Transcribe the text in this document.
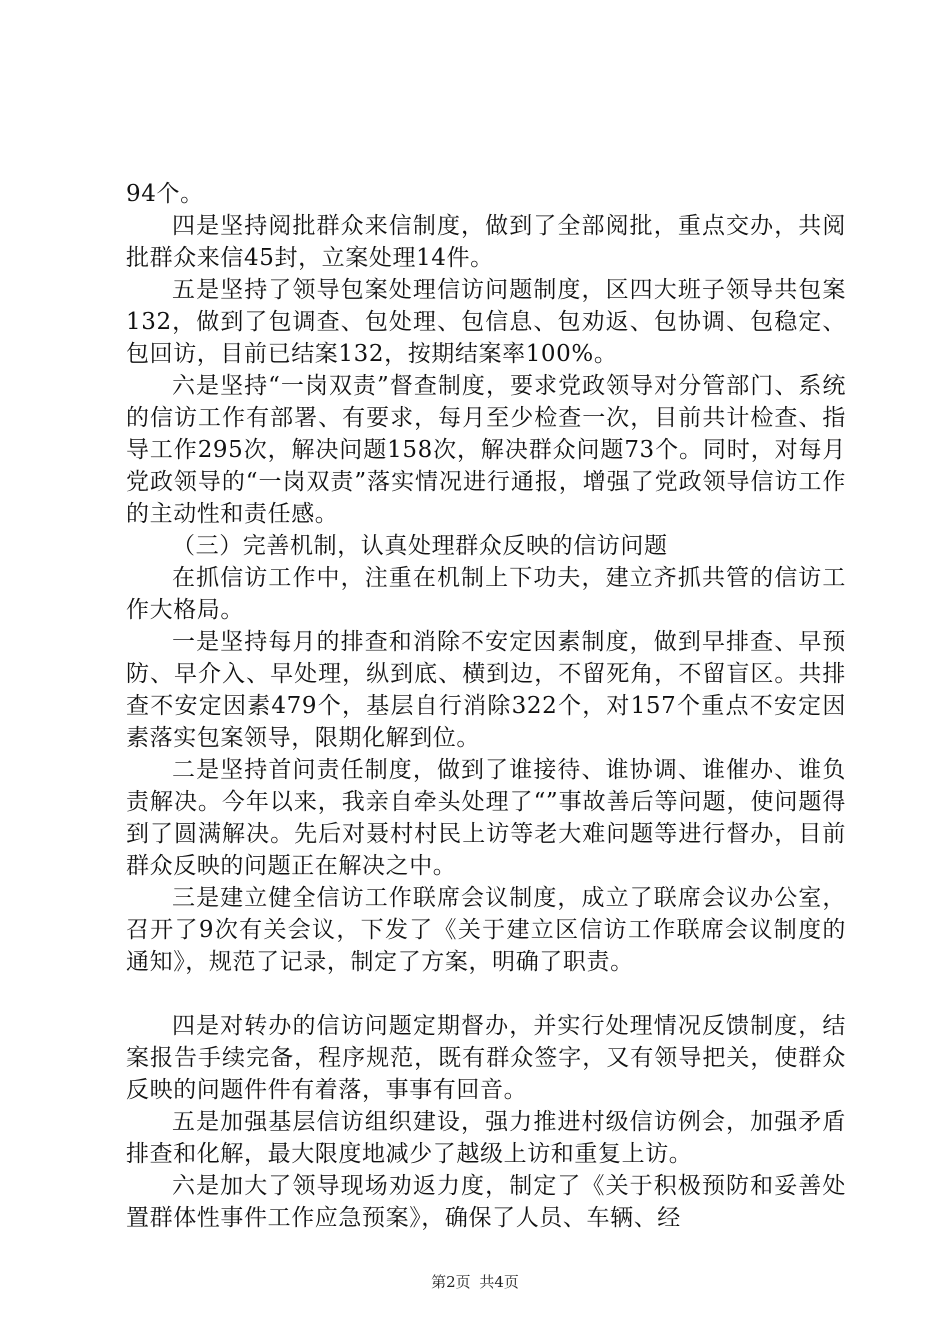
94个。

四是坚持阅批群众来信制度，做到了全部阅批，重点交办，共阅批群众来信45封，立案处理14件。

五是坚持了领导包案处理信访问题制度，区四大班子领导共包案132，做到了包调查、包处理、包信息、包劝返、包协调、包稳定、包回访，目前已结案132，按期结案率100%。

六是坚持“一岗双责”督查制度，要求党政领导对分管部门、系统的信访工作有部署、有要求，每月至少检查一次，目前共计检查、指导工作295次，解决问题158次，解决群众问题73个。同时，对每月党政领导的“一岗双责”落实情况进行通报，增强了党政领导信访工作的主动性和责任感。

（三）完善机制，认真处理群众反映的信访问题

在抓信访工作中，注重在机制上下功夫，建立齐抓共管的信访工作大格局。

一是坚持每月的排查和消除不安定因素制度，做到早排查、早预防、早介入、早处理，纵到底、横到边，不留死角，不留盲区。共排查不安定因素479个，基层自行消除322个，对157个重点不安定因素落实包案领导，限期化解到位。

二是坚持首问责任制度，做到了谁接待、谁协调、谁催办、谁负责解决。今年以来，我亲自牵头处理了“”事故善后等问题，使问题得到了圆满解决。先后对聂村村民上访等老大难问题等进行督办，目前群众反映的问题正在解决之中。

三是建立健全信访工作联席会议制度，成立了联席会议办公室，召开了9次有关会议，下发了《关于建立区信访工作联席会议制度的通知》，规范了记录，制定了方案，明确了职责。

四是对转办的信访问题定期督办，并实行处理情况反馈制度，结案报告手续完备，程序规范，既有群众签字，又有领导把关，使群众反映的问题件件有着落，事事有回音。

五是加强基层信访组织建设，强力推进村级信访例会，加强矛盾排查和化解，最大限度地减少了越级上访和重复上访。

六是加大了领导现场劝返力度，制定了《关于积极预防和妥善处置群体性事件工作应急预案》，确保了人员、车辆、经

第2页 共4页
